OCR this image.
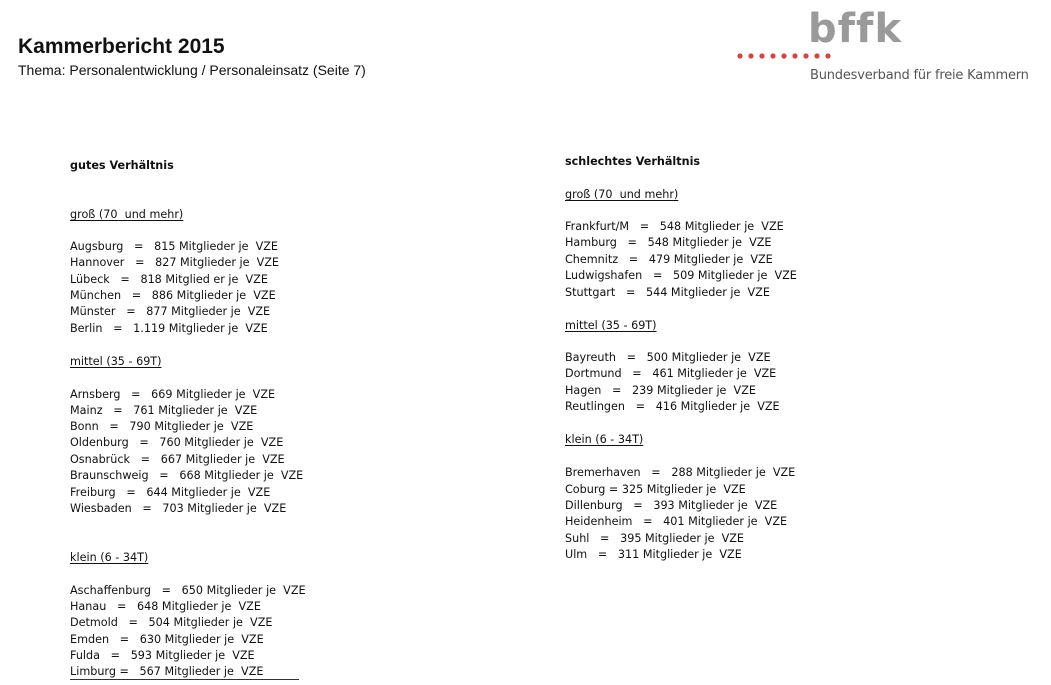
Kammerbericht 2015
Thema: Personalentwicklung / Personaleinsatz (Seite 7)
bffk
Bundesverband für freie Kammern
gutes Verhältnis
groß (70  und mehr)
Augsburg   =   815 Mitglieder je  VZE
Hannover   =   827 Mitglieder je  VZE
Lübeck   =   818 Mitglied er je  VZE
München   =   886 Mitglieder je  VZE
Münster   =   877 Mitglieder je  VZE
Berlin   =   1.119 Mitglieder je  VZE
mittel (35 - 69T)
Arnsberg   =   669 Mitglieder je  VZE
Mainz   =   761 Mitglieder je  VZE
Bonn   =   790 Mitglieder je  VZE
Oldenburg   =   760 Mitglieder je  VZE
Osnabrück   =   667 Mitglieder je  VZE
Braunschweig   =   668 Mitglieder je  VZE
Freiburg   =   644 Mitglieder je  VZE
Wiesbaden   =   703 Mitglieder je  VZE
klein (6 - 34T)
Aschaffenburg   =   650 Mitglieder je  VZE
Hanau   =   648 Mitglieder je  VZE
Detmold   =   504 Mitglieder je  VZE
Emden   =   630 Mitglieder je  VZE
Fulda   =   593 Mitglieder je  VZE
Limburg =   567 Mitglieder je  VZE
schlechtes Verhältnis
groß (70  und mehr)
Frankfurt/M   =   548 Mitglieder je  VZE
Hamburg   =   548 Mitglieder je  VZE
Chemnitz   =   479 Mitglieder je  VZE
Ludwigshafen   =   509 Mitglieder je  VZE
Stuttgart   =   544 Mitglieder je  VZE
mittel (35 - 69T)
Bayreuth   =   500 Mitglieder je  VZE
Dortmund   =   461 Mitglieder je  VZE
Hagen   =   239 Mitglieder je  VZE
Reutlingen   =   416 Mitglieder je  VZE
klein (6 - 34T)
Bremerhaven   =   288 Mitglieder je  VZE
Coburg = 325 Mitglieder je  VZE
Dillenburg   =   393 Mitglieder je  VZE
Heidenheim   =   401 Mitglieder je  VZE
Suhl   =   395 Mitglieder je  VZE
Ulm   =   311 Mitglieder je  VZE
